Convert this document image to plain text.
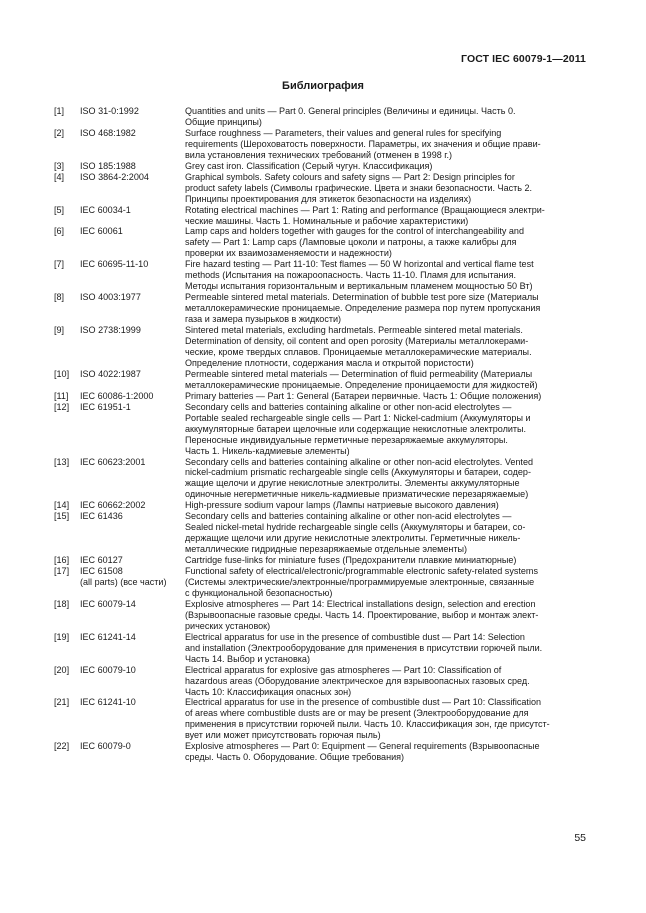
ГОСТ IEC 60079-1—2011
Библиография
[1]	ISO 31-0:1992	Quantities and units — Part 0. General principles (Величины и единицы. Часть 0.
Общие принципы)
[2]	ISO 468:1982	Surface roughness — Parameters, their values and general rules for specifying
requirements (Шероховатость поверхности. Параметры, их значения и общие прави-
вила установления технических требований (отменен в 1998 г.)
[3]	ISO 185:1988	Grey cast iron. Classification (Серый чугун. Классификация)
[4]	ISO 3864-2:2004	Graphical symbols. Safety colours and safety signs — Part 2: Design principles for
product safety labels (Символы графические. Цвета и знаки безопасности. Часть 2.
Принципы проектирования для этикеток безопасности на изделиях)
[5]	IEC 60034-1	Rotating electrical machines — Part 1: Rating and performance (Вращающиеся электри-
ческие машины. Часть 1. Номинальные и рабочие характеристики)
[6]	IEC 60061	Lamp caps and holders together with gauges for the control of interchangeability and
safety — Part 1: Lamp caps (Ламповые цоколи и патроны, а также калибры для
проверки их взаимозаменяемости и надежности)
[7]	IEC 60695-11-10	Fire hazard testing — Part 11-10: Test flames — 50 W horizontal and vertical flame test
methods (Испытания на пожароопасность. Часть 11-10. Пламя для испытания.
Методы испытания горизонтальным и вертикальным пламенем мощностью 50 Вт)
[8]	ISO 4003:1977	Permeable sintered metal materials. Determination of bubble test pore size (Материалы
металлокерамические проницаемые. Определение размера пор путем пропускания
газа и замера пузырьков в жидкости)
[9]	ISO 2738:1999	Sintered metal materials, excluding hardmetals. Permeable sintered metal materials.
Determination of density, oil content and open porosity (Материалы металлокерами-
ческие, кроме твердых сплавов. Проницаемые металлокерамические материалы.
Определение плотности, содержания масла и открытой пористости)
[10]	ISO 4022:1987	Permeable sintered metal materials — Determination of fluid permeability (Материалы
металлокерамические проницаемые. Определение проницаемости для жидкостей)
[11]	IEC 60086-1:2000	Primary batteries — Part 1: General (Батареи первичные. Часть 1: Общие положения)
[12]	IEC 61951-1	Secondary cells and batteries containing alkaline or other non-acid electrolytes —
Portable sealed rechargeable single cells — Part 1: Nickel-cadmium (Аккумуляторы и
аккумуляторные батареи щелочные или содержащие некислотные электролиты.
Переносные индивидуальные герметичные перезаряжаемые аккумуляторы.
Часть 1. Никель-кадмиевые элементы)
[13]	IEC 60623:2001	Secondary cells and batteries containing alkaline or other non-acid electrolytes. Vented
nickel-cadmium prismatic rechargeable single cells (Аккумуляторы и батареи, содер-
жащие щелочи и другие некислотные электролиты. Элементы аккумуляторные
одиночные негерметичные никель-кадмиевые призматические перезаряжаемые)
[14]	IEC 60662:2002	High-pressure sodium vapour lamps (Лампы натриевые высокого давления)
[15]	IEC 61436	Secondary cells and batteries containing alkaline or other non-acid electrolytes —
Sealed nickel-metal hydride rechargeable single cells (Аккумуляторы и батареи, со-
держащие щелочи или другие некислотные электролиты. Герметичные никель-
металлические гидридные перезаряжаемые отдельные элементы)
[16]	IEC 60127	Cartridge fuse-links for miniature fuses (Предохранители плавкие миниатюрные)
[17]	IEC 61508
(all parts) (все части)
Functional safety of electrical/electronic/programmable electronic safety-related systems
(Системы электрические/электронные/программируемые электронные, связанные
с функциональной безопасностью)
[18]	IEC 60079-14	Explosive atmospheres — Part 14: Electrical installations design, selection and erection
(Взрывоопасные газовые среды. Часть 14. Проектирование, выбор и монтаж элект-
рических установок)
[19]	IEC 61241-14	Electrical apparatus for use in the presence of combustible dust — Part 14: Selection
and installation (Электрооборудование для применения в присутствии горючей пыли.
Часть 14. Выбор и установка)
[20]	IEC 60079-10	Electrical apparatus for explosive gas atmospheres — Part 10: Classification of
hazardous areas (Оборудование электрическое для взрывоопасных газовых сред.
Часть 10: Классификация опасных зон)
[21]	IEC 61241-10	Electrical apparatus for use in the presence of combustible dust — Part 10: Classification
of areas where combustible dusts are or may be present (Электрооборудование для
применения в присутствии горючей пыли. Часть 10. Классификация зон, где присутст-
вует или может присутствовать горючая пыль)
[22]	IEC 60079-0	Explosive atmospheres — Part 0: Equipment — General requirements (Взрывоопасные
среды. Часть 0. Оборудование. Общие требования)
55
